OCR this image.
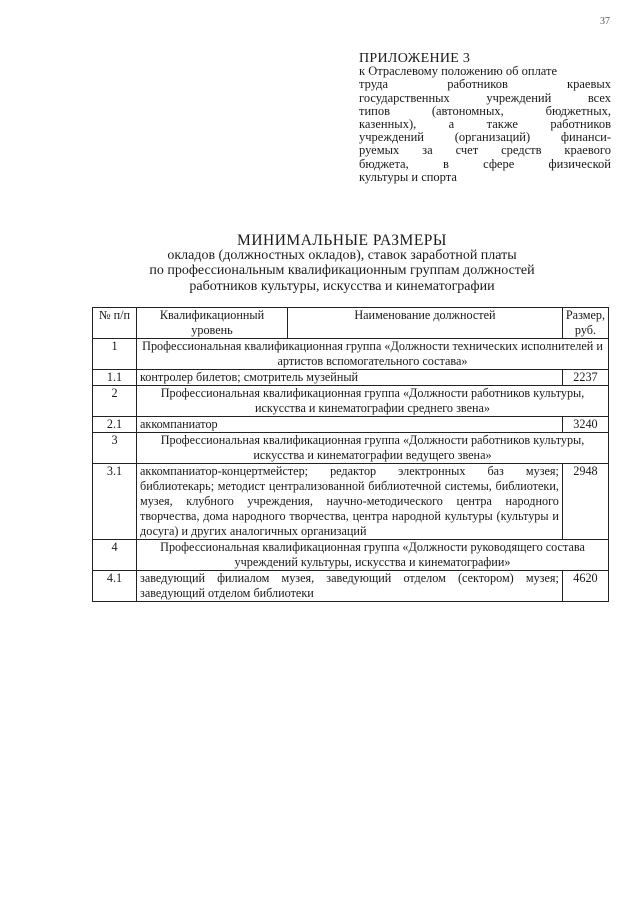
37
ПРИЛОЖЕНИЕ 3
к Отраслевому положению об оплате
труда работников краевых
государственных учреждений всех
типов (автономных, бюджетных,
казенных), а также работников
учреждений (организаций) финанси-
руемых за счет средств краевого
бюджета, в сфере физической
культуры и спорта
МИНИМАЛЬНЫЕ РАЗМЕРЫ
окладов (должностных окладов), ставок заработной платы
по профессиональным квалификационным группам должностей
работников культуры, искусства и кинематографии
№ п/п	Квалификационный уровень	Наименование должностей	Размер, руб.
1	Профессиональная квалификационная группа «Должности технических исполнителей и артистов вспомогательного состава»		
1.1	контролер билетов; смотритель музейный		2237
2	Профессиональная квалификационная группа «Должности работников культуры, искусства и кинематографии среднего звена»		
2.1	аккомпаниатор		3240
3	Профессиональная квалификационная группа «Должности работников культуры, искусства и кинематографии ведущего звена»		
3.1	аккомпаниатор-концертмейстер; редактор электронных баз музея; библиотекарь; методист централизованной библиотечной системы, библиотеки, музея, клубного учреждения, научно-методического центра народного творчества, дома народного творчества, центра народной культуры (культуры и досуга) и других аналогичных организаций		2948
4	Профессиональная квалификационная группа «Должности руководящего состава учреждений культуры, искусства и кинематографии»		
4.1	заведующий филиалом музея, заведующий отделом (сектором) музея; заведующий отделом библиотеки		4620
